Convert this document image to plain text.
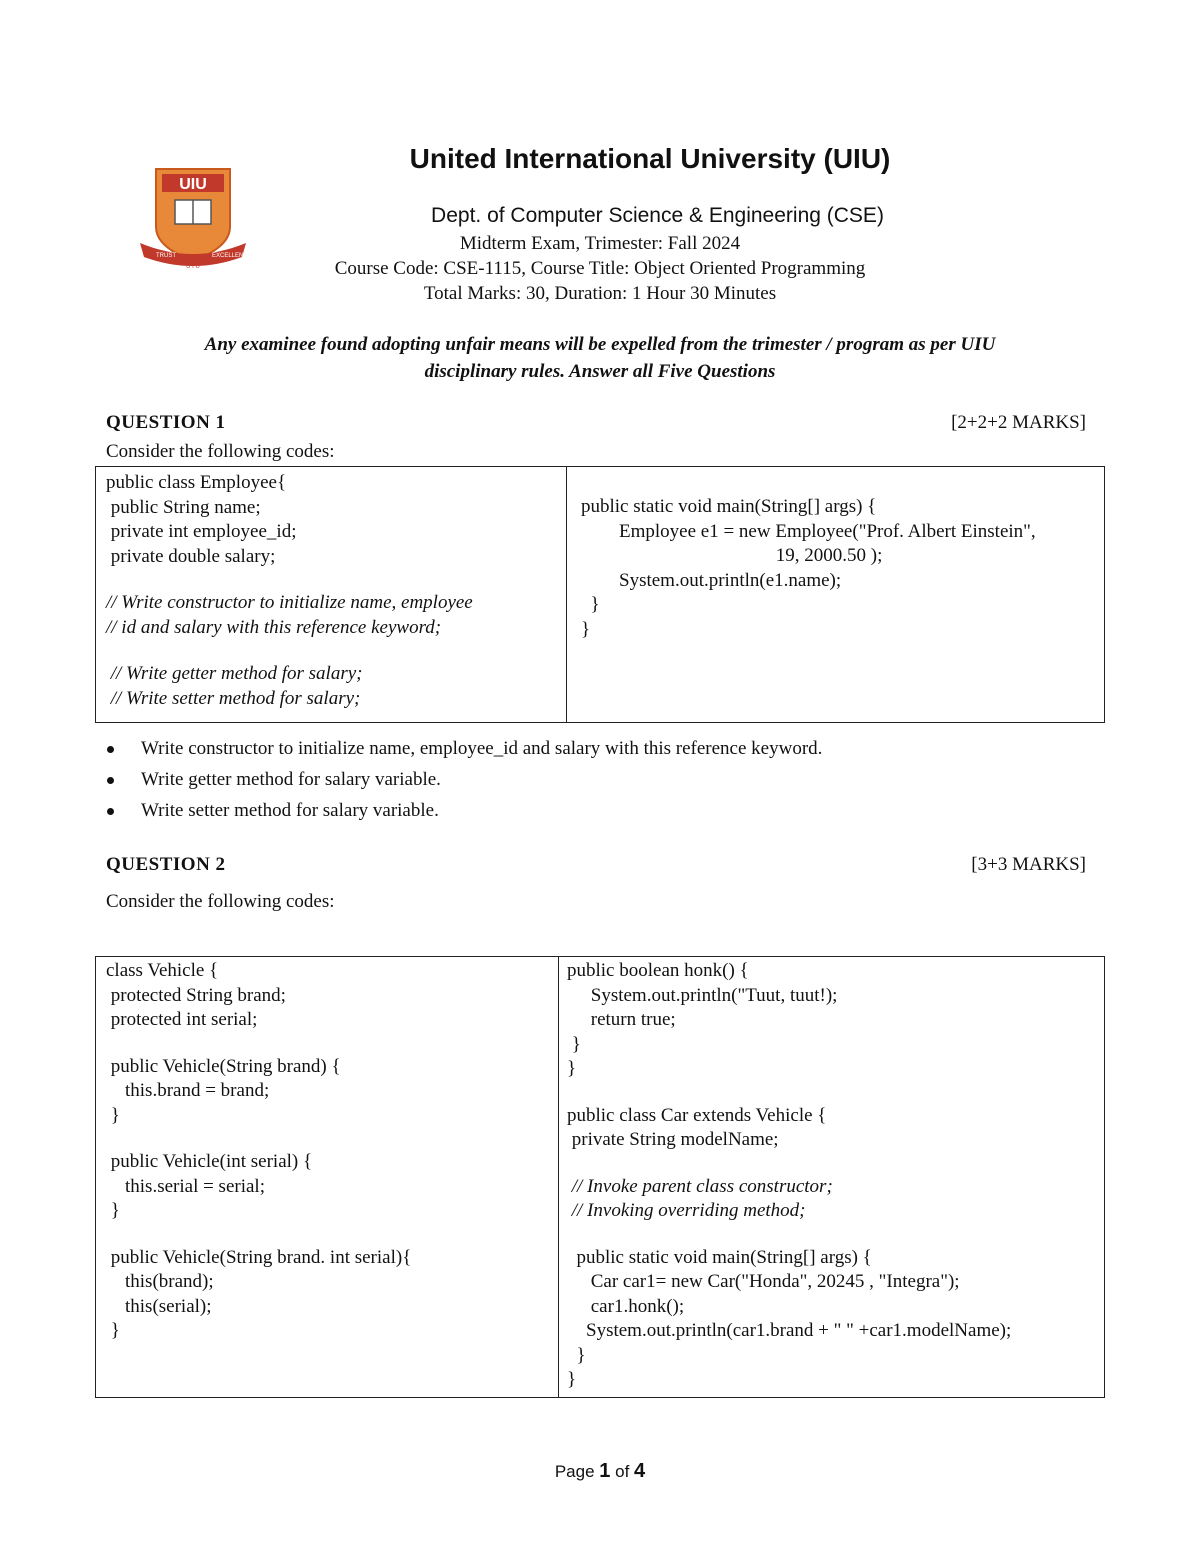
UIU
TRUST	EXCELLENCE
U I U
United International University (UIU)
Dept. of Computer Science & Engineering (CSE)
Midterm Exam, Trimester: Fall 2024
Course Code: CSE-1115, Course Title: Object Oriented Programming
Total Marks: 30, Duration: 1 Hour 30 Minutes
Any examinee found adopting unfair means will be expelled from the trimester / program as per UIU
disciplinary rules. Answer all Five Questions
QUESTION 1	[2+2+2 MARKS]
Consider the following codes:
public class Employee{
public String name;
private int employee_id;
private double salary;
// Write constructor to initialize name, employee
// id and salary with this reference keyword;
// Write getter method for salary;
// Write setter method for salary;

public static void main(String[] args) {
Employee e1 = new Employee("Prof. Albert Einstein",
19, 2000.50 );
System.out.println(e1.name);
}
}
Write constructor to initialize name, employee_id and salary with this reference keyword.
Write getter method for salary variable.
Write setter method for salary variable.
QUESTION 2	[3+3 MARKS]
Consider the following codes:
class Vehicle {
protected String brand;
protected int serial;
public Vehicle(String brand) {
this.brand = brand;
}
public Vehicle(int serial) {
this.serial = serial;
}
public Vehicle(String brand. int serial){
this(brand);
this(serial);
}

public boolean honk() {
System.out.println("Tuut, tuut!);
return true;
}
}
public class Car extends Vehicle {
private String modelName;
// Invoke parent class constructor;
// Invoking overriding method;
public static void main(String[] args) {
Car car1= new Car("Honda", 20245 , "Integra");
car1.honk();
System.out.println(car1.brand + " " +car1.modelName);
}
}
Page 1 of 4
